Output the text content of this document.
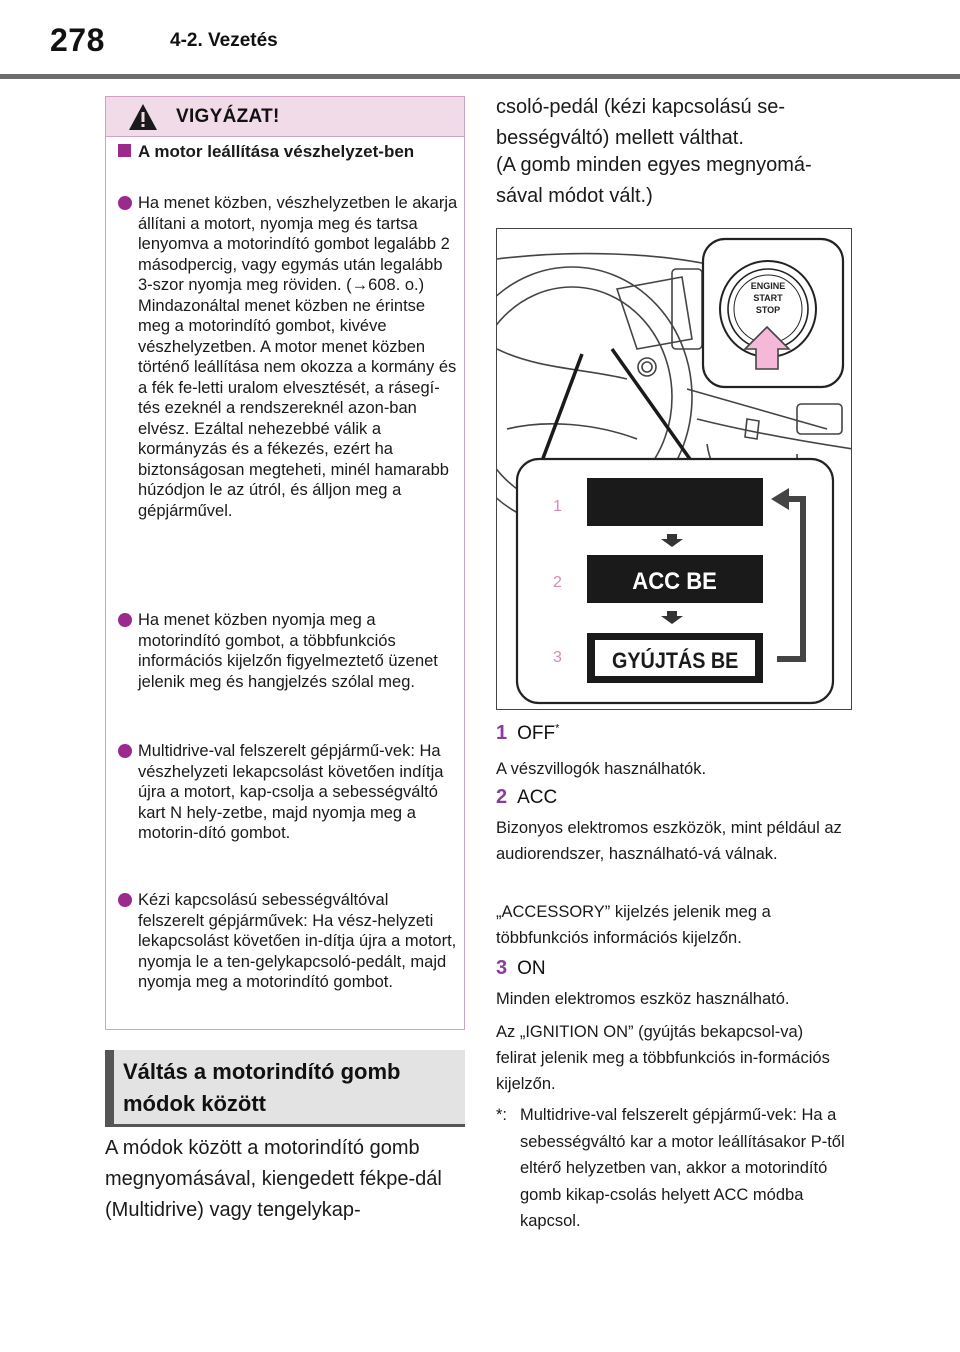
278	4-2. Vezetés
VIGYÁZAT!
A motor leállítása vészhelyzet-ben
Ha menet közben, vészhelyzetben le akarja állítani a motort, nyomja meg és tartsa lenyomva a motorindító gombot legalább 2 másodpercig, vagy egymás után legalább 3-szor nyomja meg röviden. (→608. o.) Mindazonáltal menet közben ne érintse meg a motorindító gombot, kivéve vészhelyzetben. A motor menet közben történő leállítása nem okozza a kormány és a fék fe-letti uralom elvesztését, a rásegí-tés ezeknél a rendszereknél azon-ban elvész. Ezáltal nehezebbé válik a kormányzás és a fékezés, ezért ha biztonságosan megteheti, minél hamarabb húzódjon le az útról, és álljon meg a gépjárművel.
Ha menet közben nyomja meg a motorindító gombot, a többfunkciós információs kijelzőn figyelmeztető üzenet jelenik meg és hangjelzés szólal meg.
Multidrive-val felszerelt gépjármű-vek: Ha vészhelyzeti lekapcsolást követően indítja újra a motort, kap-csolja a sebességváltó kart N hely-zetbe, majd nyomja meg a motorin-dító gombot.
Kézi kapcsolású sebességváltóval felszerelt gépjárművek: Ha vész-helyzeti lekapcsolást követően in-dítja újra a motort, nyomja le a ten-gelykapcsoló-pedált, majd nyomja meg a motorindító gombot.
Váltás a motorindító gomb módok között
A módok között a motorindító gomb megnyomásával, kiengedett fékpe-dál (Multidrive) vagy tengelykap-
csoló-pedál (kézi kapcsolású se-bességváltó) mellett válthat.
(A gomb minden egyes megnyomá-sával módot vált.)
ENGINE
START
STOP
1
2	ACC BE
3 GYÚJTÁS BE
1 OFF*
A vészvillogók használhatók.
2 ACC
Bizonyos elektromos eszközök, mint például az audiorendszer, használható-vá válnak.
„ACCESSORY” kijelzés jelenik meg a többfunkciós információs kijelzőn.
3 ON
Minden elektromos eszköz használható.
Az „IGNITION ON” (gyújtás bekapcsol-va) felirat jelenik meg a többfunkciós in-formációs kijelzőn.
*: Multidrive-val felszerelt gépjármű-vek: Ha a sebességváltó kar a motor leállításakor P-től eltérő helyzetben van, akkor a motorindító gomb kikap-csolás helyett ACC módba kapcsol.
